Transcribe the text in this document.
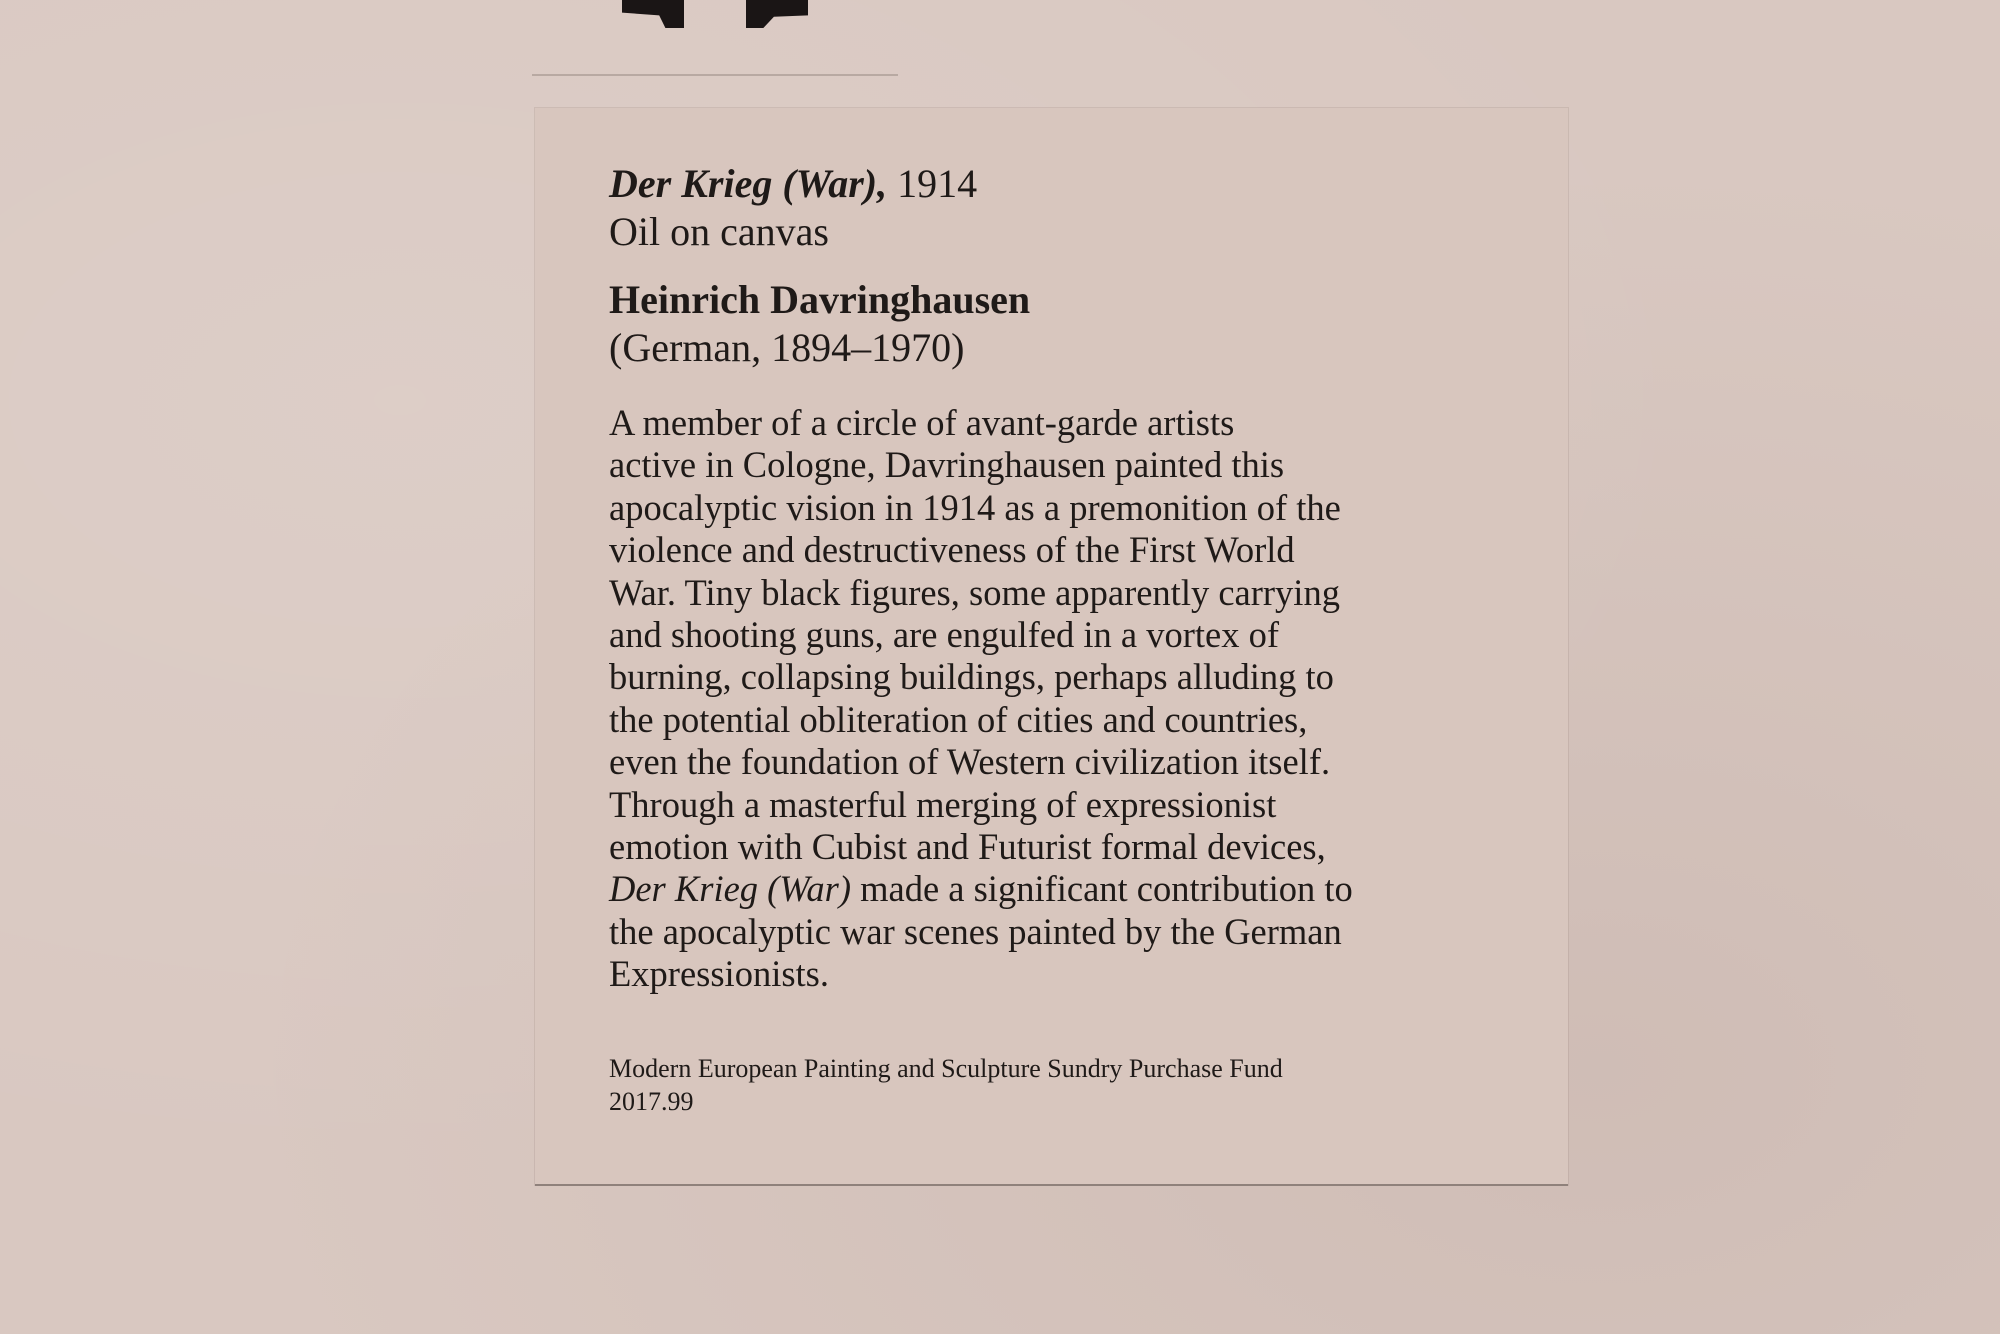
Der Krieg (War), 1914

Oil on canvas

Heinrich Davringhausen

(German, 1894–1970)

A member of a circle of avant-garde artists
active in Cologne, Davringhausen painted this
apocalyptic vision in 1914 as a premonition of the
violence and destructiveness of the First World
War. Tiny black figures, some apparently carrying
and shooting guns, are engulfed in a vortex of
burning, collapsing buildings, perhaps alluding to
the potential obliteration of cities and countries,
even the foundation of Western civilization itself.
Through a masterful merging of expressionist
emotion with Cubist and Futurist formal devices,
Der Krieg (War) made a significant contribution to
the apocalyptic war scenes painted by the German
Expressionists.
Modern European Painting and Sculpture Sundry Purchase Fund
2017.99
